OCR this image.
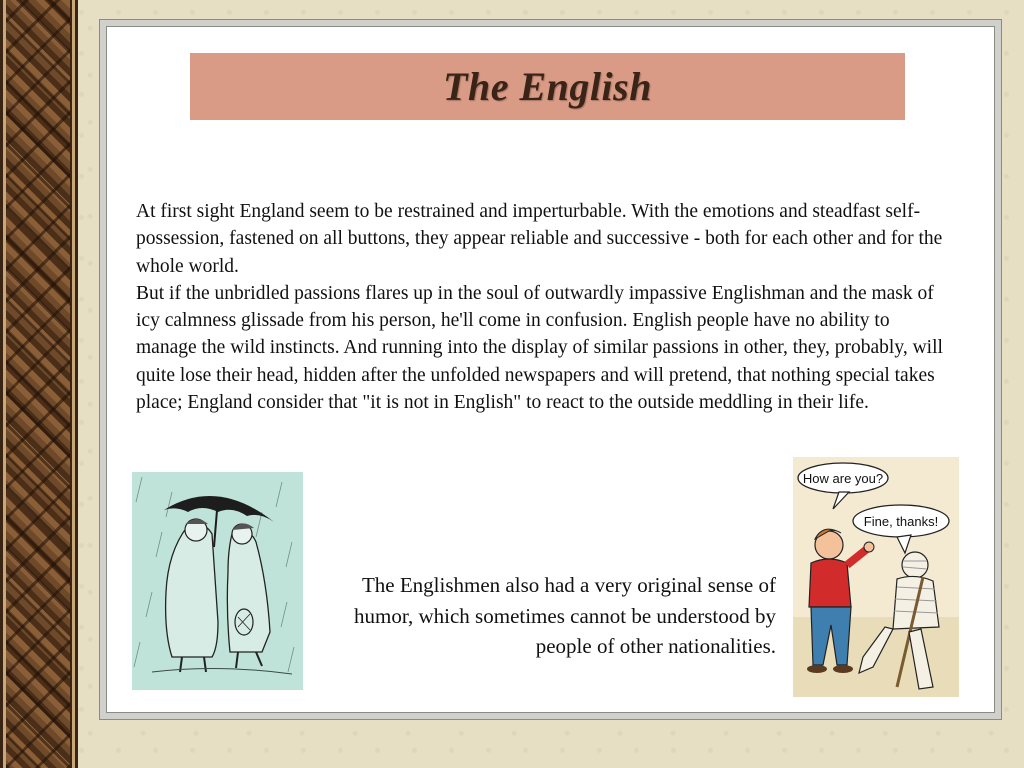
The English

At first sight England seem to be restrained and imperturbable. With the emotions and steadfast self-possession, fastened on all buttons, they appear reliable and successive - both for each other and for the whole world.

But if the unbridled passions flares up in the soul of outwardly impassive Englishman and the mask of icy calmness glissade from his person, he'll come in confusion. English people have no ability to manage the wild instincts. And running into the display of similar passions in other, they, probably, will quite lose their head, hidden after the unfolded newspapers and will pretend, that nothing special takes place; England consider that "it is not in English" to react to the outside meddling in their life.

The Englishmen also had a very original sense of humor, which sometimes cannot be understood by people of other nationalities.

How are you?
Fine, thanks!
